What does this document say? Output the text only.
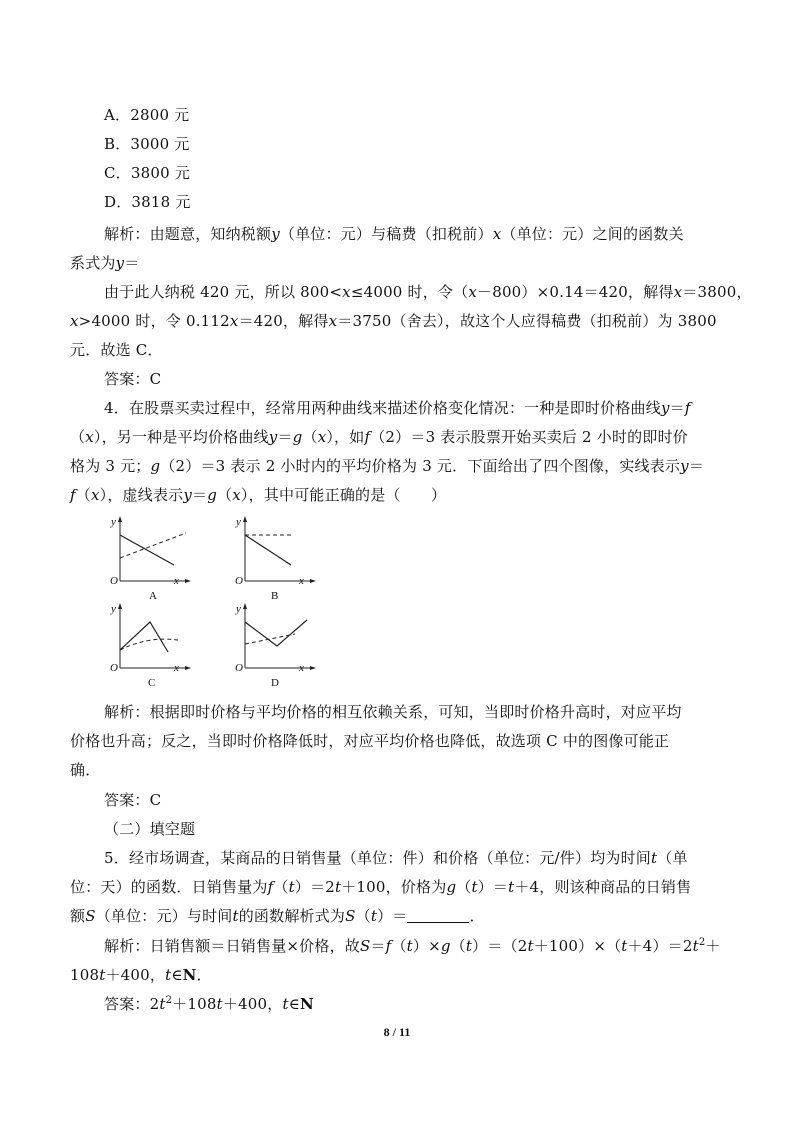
A．2800 元
B．3000 元
C．3800 元
D．3818 元
解析：由题意，知纳税额y（单位：元）与稿费（扣税前）x（单位：元）之间的函数关
系式为y＝
由于此人纳税 420 元，所以 800<x≤4000 时，令（x－800）×0.14＝420，解得x＝3800，
x>4000 时，令 0.112x＝420，解得x＝3750（舍去），故这个人应得稿费（扣税前）为 3800
元．故选 C．
答案：C
4．在股票买卖过程中，经常用两种曲线来描述价格变化情况：一种是即时价格曲线y＝f
（x），另一种是平均价格曲线y＝g（x），如f（2）＝3 表示股票开始买卖后 2 小时的即时价
格为 3 元；g（2）＝3 表示 2 小时内的平均价格为 3 元．下面给出了四个图像，实线表示y＝
f（x），虚线表示y＝g（x），其中可能正确的是（　　）
y
x
O
A
y
x
O
B
y
x
O
C
y
x
O
D
解析：根据即时价格与平均价格的相互依赖关系，可知，当即时价格升高时，对应平均
价格也升高；反之，当即时价格降低时，对应平均价格也降低，故选项 C 中的图像可能正
确．
答案：C
（二）填空题
5．经市场调查，某商品的日销售量（单位：件）和价格（单位：元/件）均为时间t（单
位：天）的函数．日销售量为f（t）＝2t＋100，价格为g（t）＝t＋4，则该种商品的日销售
额S（单位：元）与时间t的函数解析式为S（t）＝	．
解析：日销售额＝日销售量×价格，故$S=f(t)\times g(t)=(2t+100)\times(t+4)=2t^2+$
108t＋400，t∈N．
答案：$2t^2+108t+400$，t∈N
8 / 11
